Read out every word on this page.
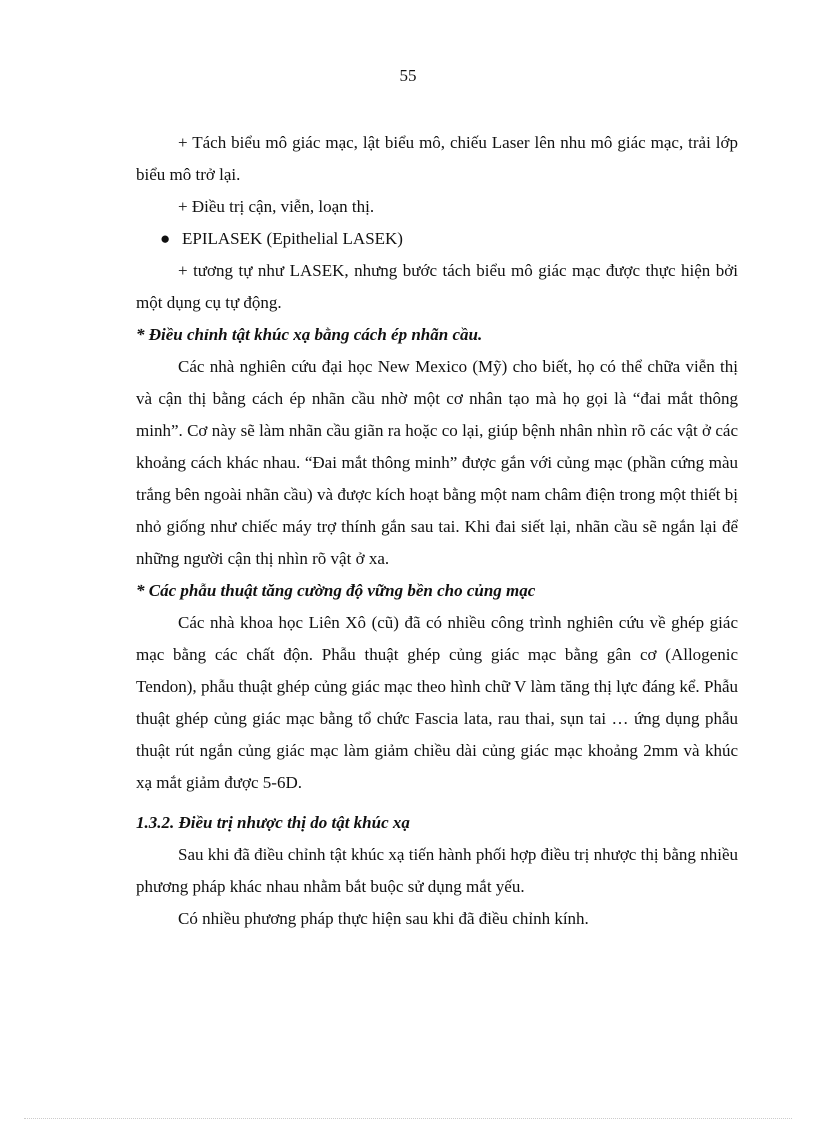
55

+ Tách biểu mô giác mạc, lật biểu mô, chiếu Laser lên nhu mô giác mạc, trải lớp biểu mô trở lại.

+ Điều trị cận, viễn, loạn thị.

● EPILASEK (Epithelial LASEK)

+ tương tự như LASEK, nhưng bước tách biểu mô giác mạc được thực hiện bởi một dụng cụ tự động.

* Điều chỉnh tật khúc xạ bằng cách ép nhãn cầu.

Các nhà nghiên cứu đại học New Mexico (Mỹ) cho biết, họ có thể chữa viễn thị và cận thị bằng cách ép nhãn cầu nhờ một cơ nhân tạo mà họ gọi là “đai mắt thông minh”. Cơ này sẽ làm nhãn cầu giãn ra hoặc co lại, giúp bệnh nhân nhìn rõ các vật ở các khoảng cách khác nhau. “Đai mắt thông minh” được gắn với củng mạc (phần cứng màu trắng bên ngoài nhãn cầu) và được kích hoạt bằng một nam châm điện trong một thiết bị nhỏ giống như chiếc máy trợ thính gắn sau tai. Khi đai siết lại, nhãn cầu sẽ ngắn lại để những người cận thị nhìn rõ vật ở xa.

* Các phẫu thuật tăng cường độ vững bền cho củng mạc

Các nhà khoa học Liên Xô (cũ) đã có nhiều công trình nghiên cứu về ghép giác mạc bằng các chất độn. Phẫu thuật ghép củng giác mạc bằng gân cơ (Allogenic Tendon), phẫu thuật ghép củng giác mạc theo hình chữ V làm tăng thị lực đáng kể. Phẫu thuật ghép củng giác mạc bằng tổ chức Fascia lata, rau thai, sụn tai … ứng dụng phẫu thuật rút ngắn củng giác mạc làm giảm chiều dài củng giác mạc khoảng 2mm và khúc xạ mắt giảm được 5-6D.

1.3.2. Điều trị nhược thị do tật khúc xạ

Sau khi đã điều chỉnh tật khúc xạ tiến hành phối hợp điều trị nhược thị bằng nhiều phương pháp khác nhau nhằm bắt buộc sử dụng mắt yếu.

Có nhiều phương pháp thực hiện sau khi đã điều chỉnh kính.
